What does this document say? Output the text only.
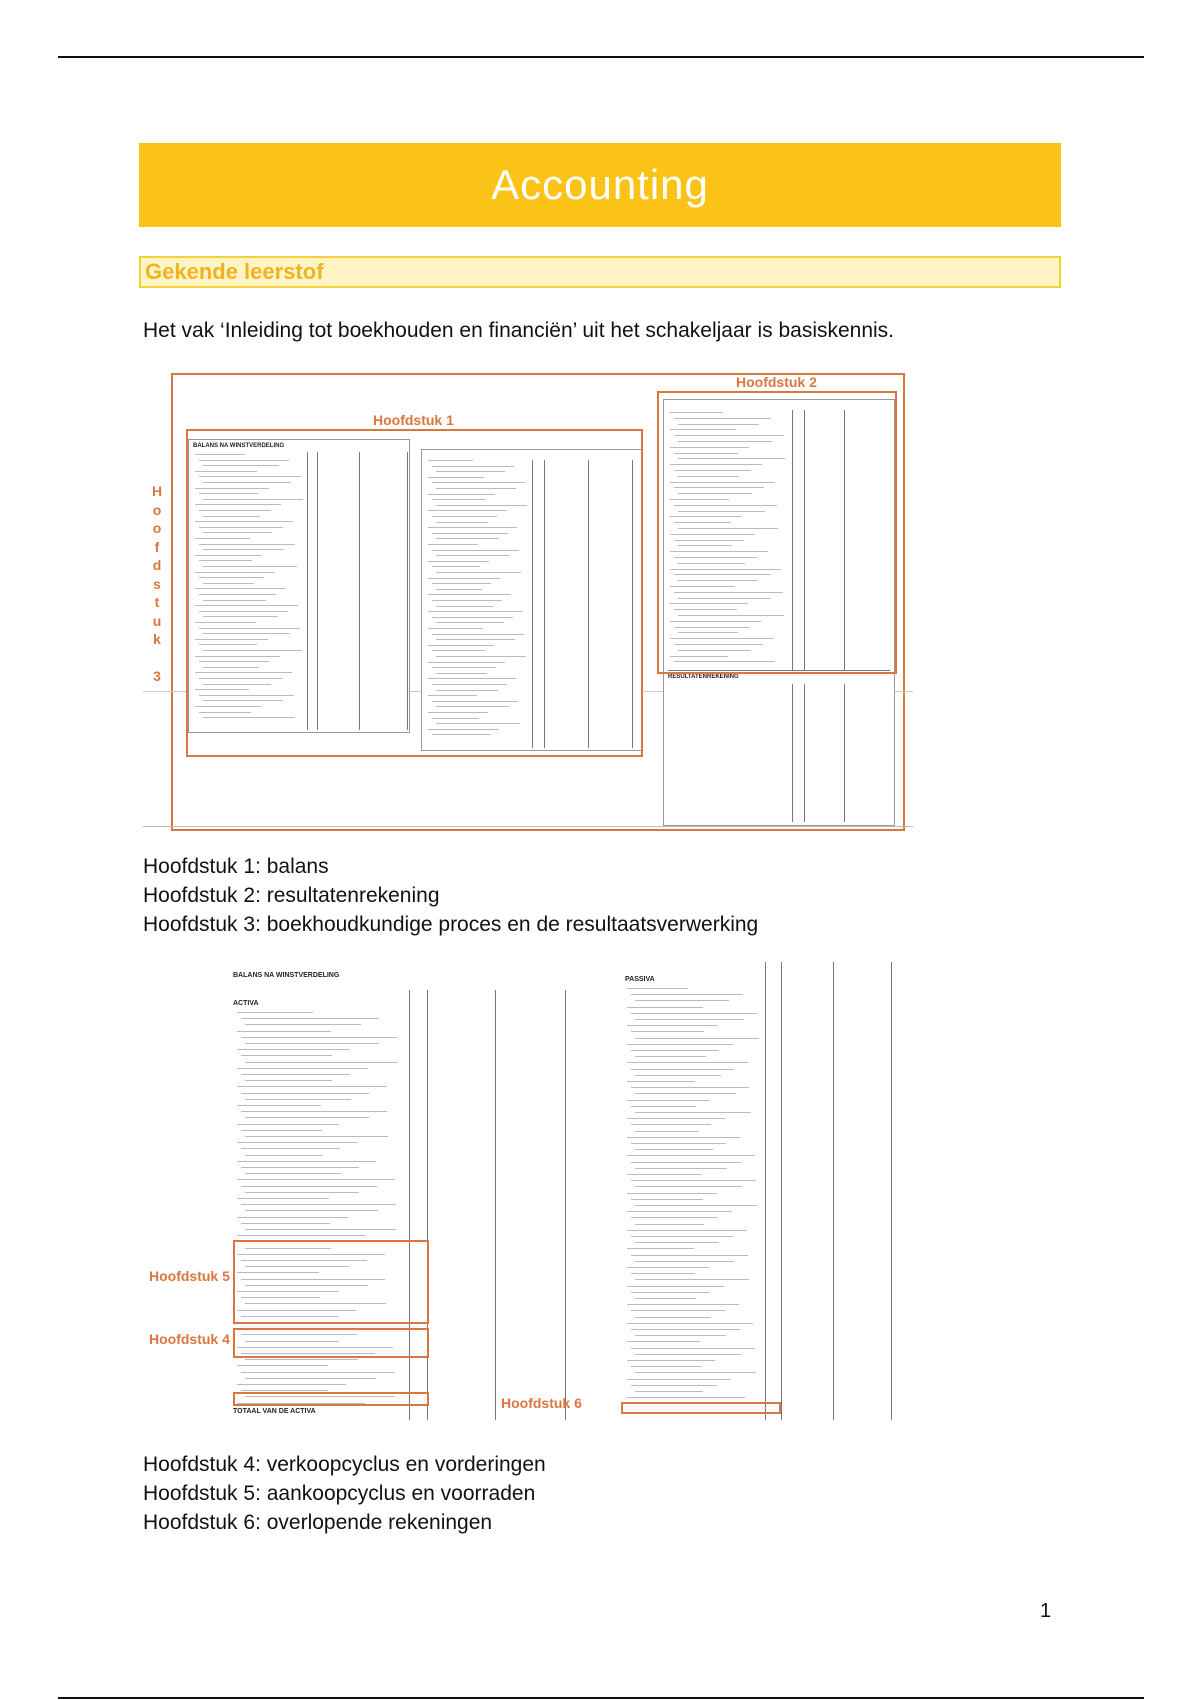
Accounting
Gekende leerstof
Het vak ‘Inleiding tot boekhouden en financiën’ uit het schakeljaar is basiskennis.
H
o
o
f
d
s
t
u
k

3
BALANS NA WINSTVERDELING
Hoofdstuk 1
RESULTATENREKENING
Hoofdstuk 2
Hoofdstuk 1: balans
Hoofdstuk 2: resultatenrekening
Hoofdstuk 3: boekhoudkundige proces en de resultaatsverwerking
BALANS NA WINSTVERDELING
ACTIVA
TOTAAL VAN DE ACTIVA
Hoofdstuk 5
Hoofdstuk 4
Hoofdstuk 6
PASSIVA
Hoofdstuk 4: verkoopcyclus en vorderingen
Hoofdstuk 5: aankoopcyclus en voorraden
Hoofdstuk 6: overlopende rekeningen
1
